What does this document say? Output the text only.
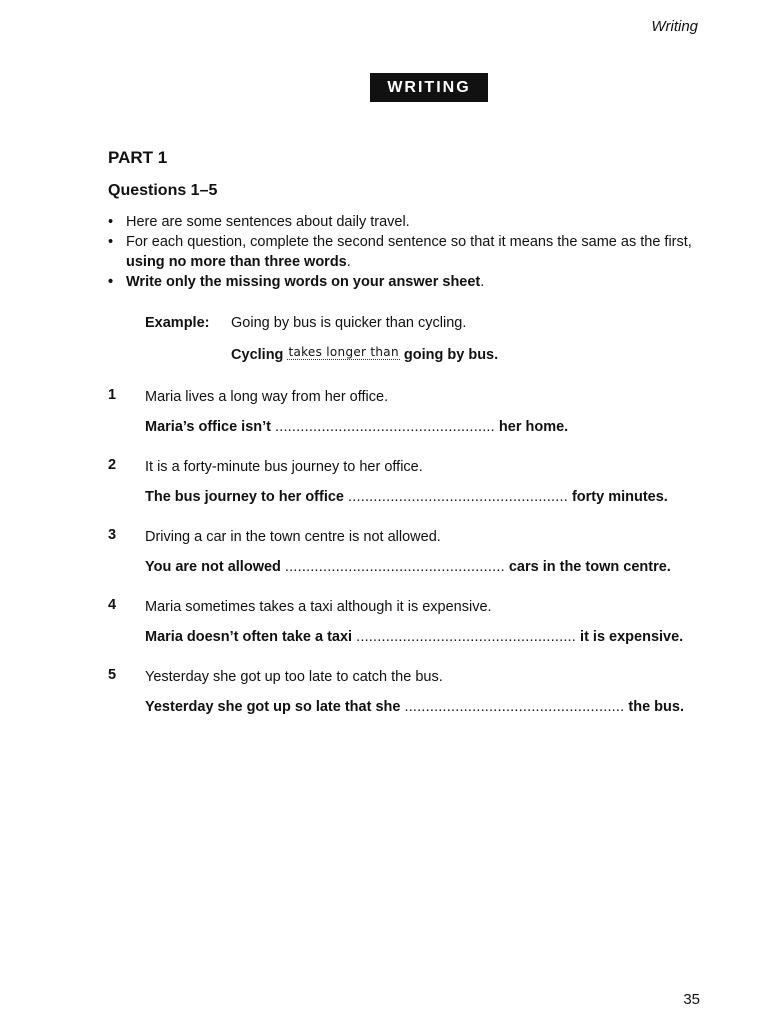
Writing
WRITING
PART 1
Questions 1–5
• Here are some sentences about daily travel.
• For each question, complete the second sentence so that it means the same as the first,
using no more than three words.
• Write only the missing words on your answer sheet.
Example: Going by bus is quicker than cycling.
Cycling $^{takes longer than}$ going by bus.
1	Maria lives a long way from her office.
Maria’s office isn’t .................................................... her home.
2	It is a forty-minute bus journey to her office.
The bus journey to her office .................................................... forty minutes.
3	Driving a car in the town centre is not allowed.
You are not allowed .................................................... cars in the town centre.
4	Maria sometimes takes a taxi although it is expensive.
Maria doesn’t often take a taxi .................................................... it is expensive.
5	Yesterday she got up too late to catch the bus.
Yesterday she got up so late that she .................................................... the bus.
35
